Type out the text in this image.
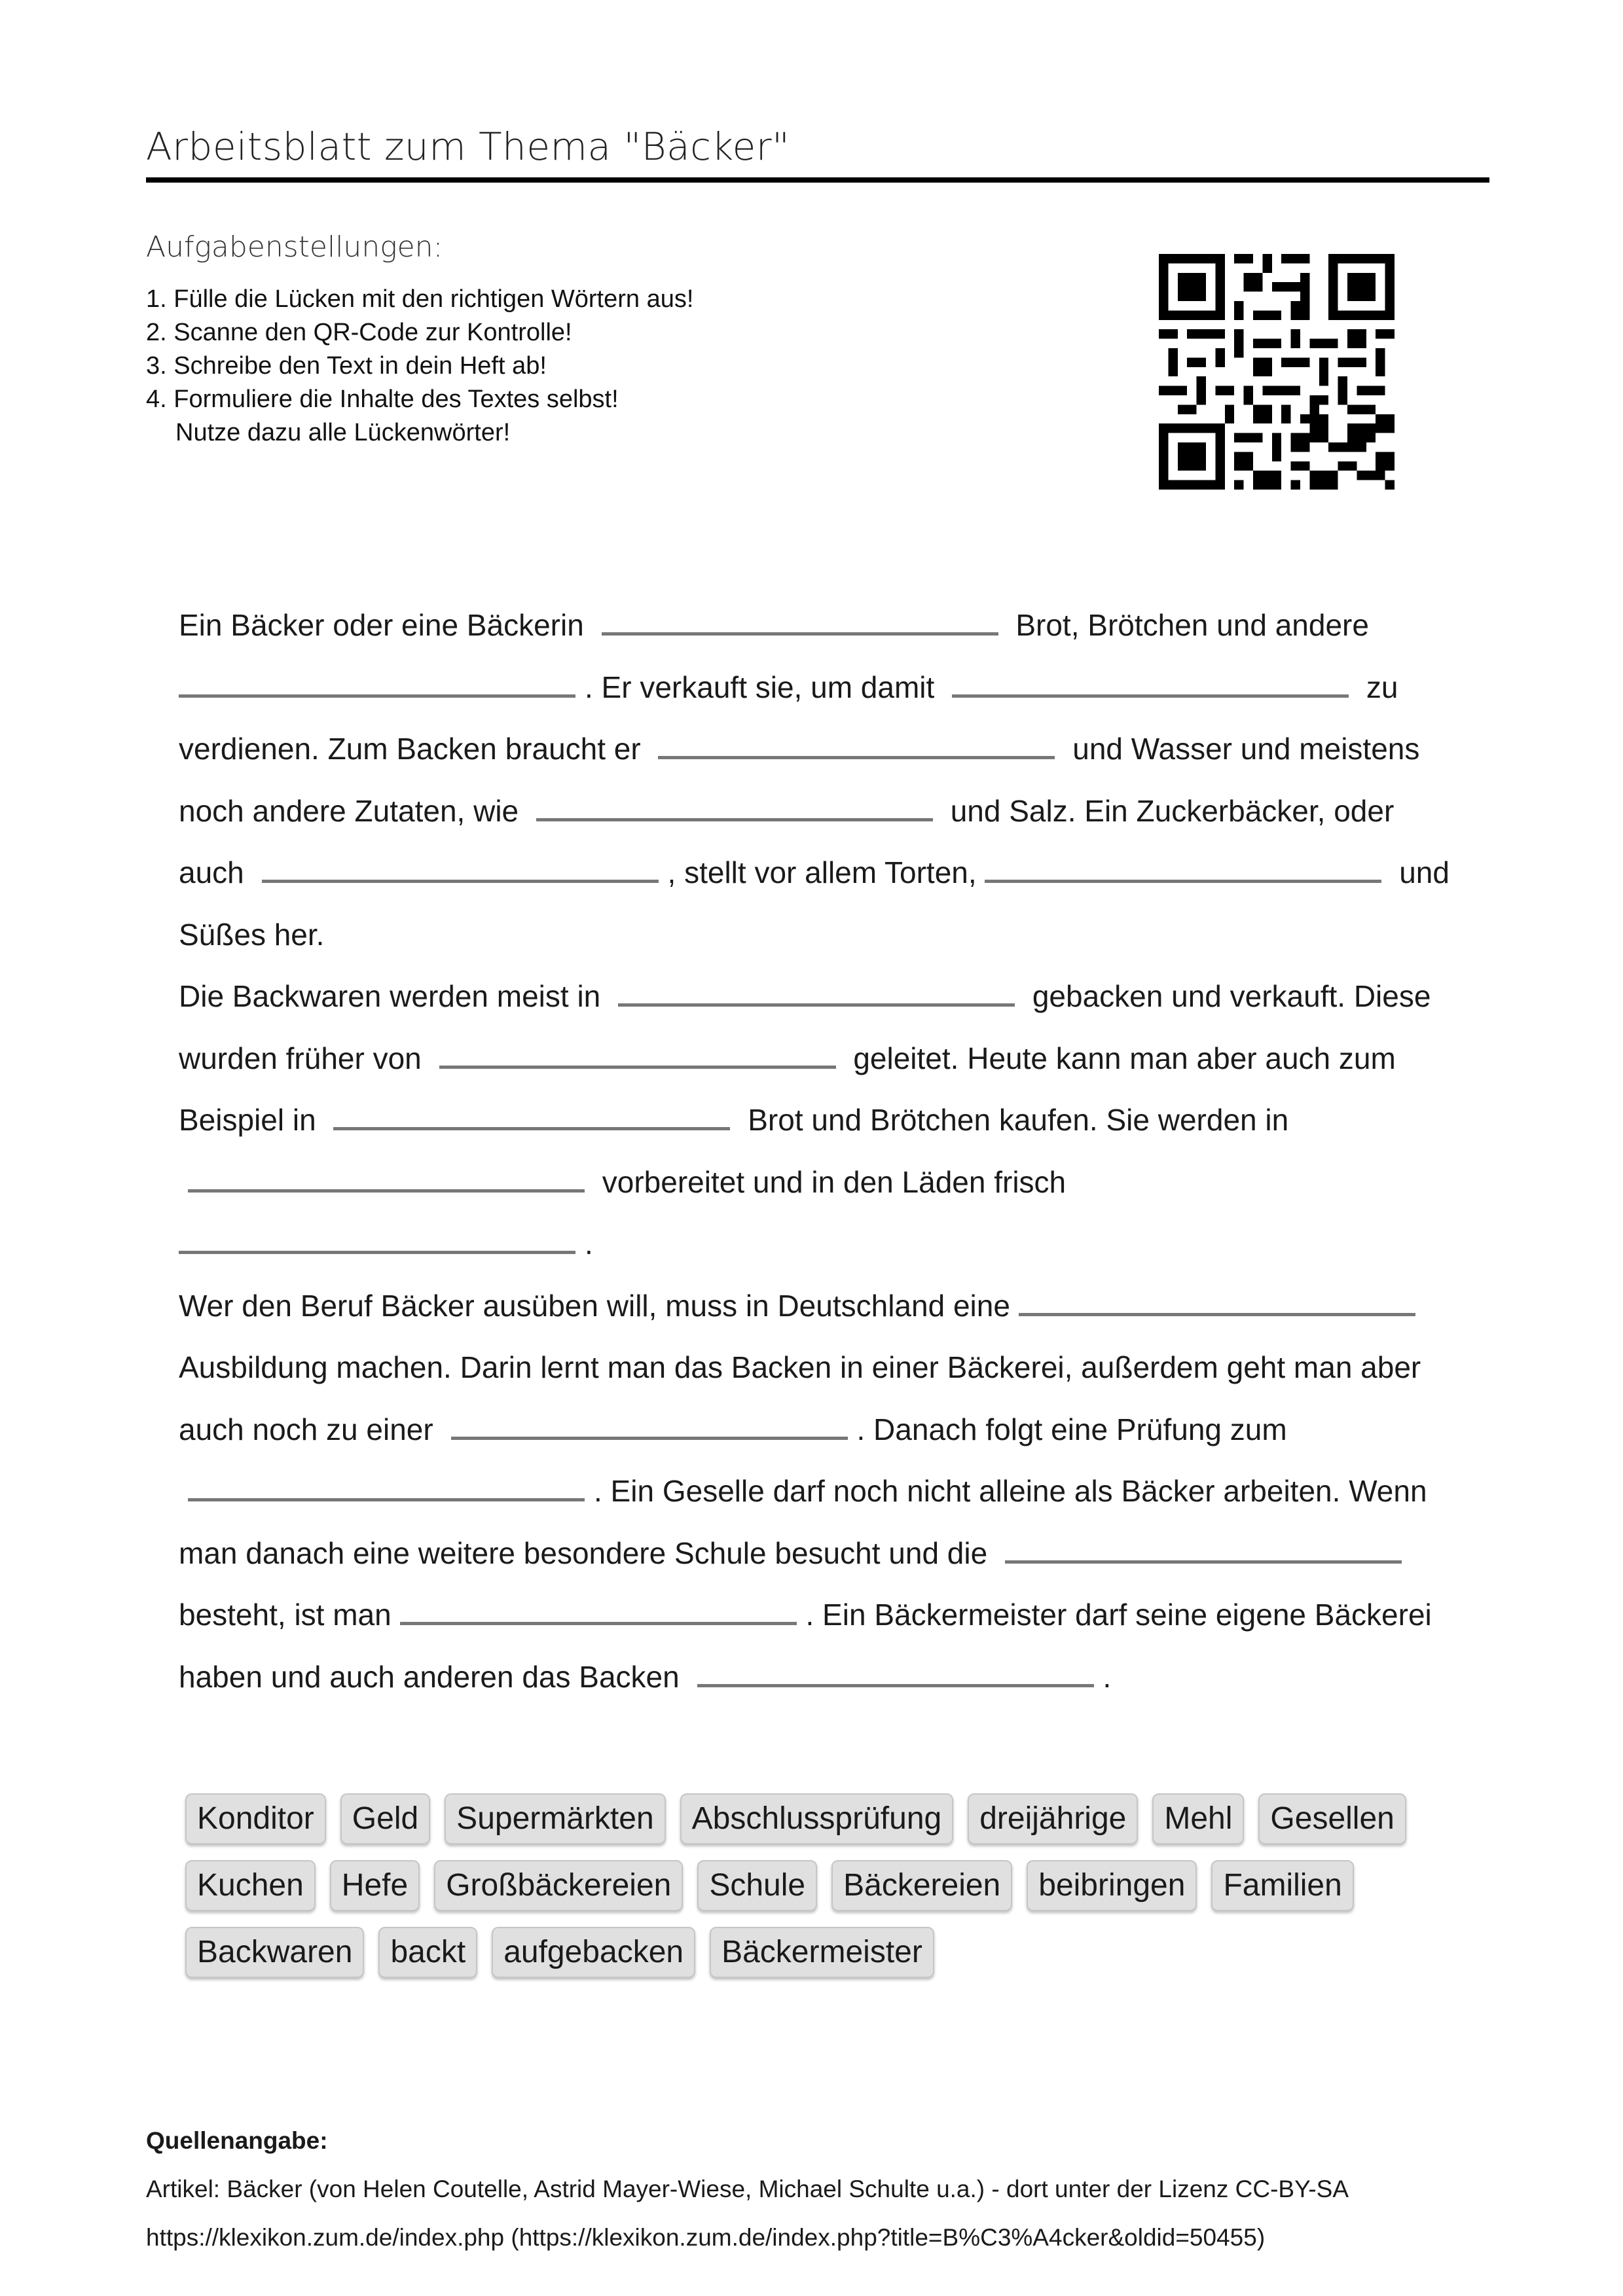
Arbeitsblatt zum Thema "Bäcker"
Aufgabenstellungen:
1. Fülle die Lücken mit den richtigen Wörtern aus!
2. Scanne den QR-Code zur Kontrolle!
3. Schreibe den Text in dein Heft ab!
4. Formuliere die Inhalte des Textes selbst!
Nutze dazu alle Lückenwörter!

Ein Bäcker oder eine Bäckerin	Brot, Brötchen und andere . Er verkauft sie, um damit	zu verdienen. Zum Backen braucht er	und Wasser und meistens noch andere Zutaten, wie	und Salz. Ein Zuckerbäcker, oder auch	, stellt vor allem Torten,	und Süßes her.

Die Backwaren werden meist in	gebacken und verkauft. Diese wurden früher von	geleitet. Heute kann man aber auch zum Beispiel in	Brot und Brötchen kaufen. Sie werden in  vorbereitet und in den Läden frisch .

Wer den Beruf Bäcker ausüben will, muss in Deutschland eine  Ausbildung machen. Darin lernt man das Backen in einer Bäckerei, außerdem geht man aber auch noch zu einer	. Danach folgt eine Prüfung zum . Ein Geselle darf noch nicht alleine als Bäcker arbeiten. Wenn man danach eine weitere besondere Schule besucht und die  besteht, ist man	. Ein Bäckermeister darf seine eigene Bäckerei haben und auch anderen das Backen	.

Konditor	Geld	Supermärkten	Abschlussprüfung	dreijährige	Mehl	Gesellen
Kuchen	Hefe	Großbäckereien	Schule	Bäckereien	beibringen	Familien
Backwaren	backt	aufgebacken	Bäckermeister
Quellenangabe:
Artikel: Bäcker (von Helen Coutelle, Astrid Mayer-Wiese, Michael Schulte u.a.) - dort unter der Lizenz CC-BY-SA
https://klexikon.zum.de/index.php (https://klexikon.zum.de/index.php?title=B%C3%A4cker&oldid=50455)
